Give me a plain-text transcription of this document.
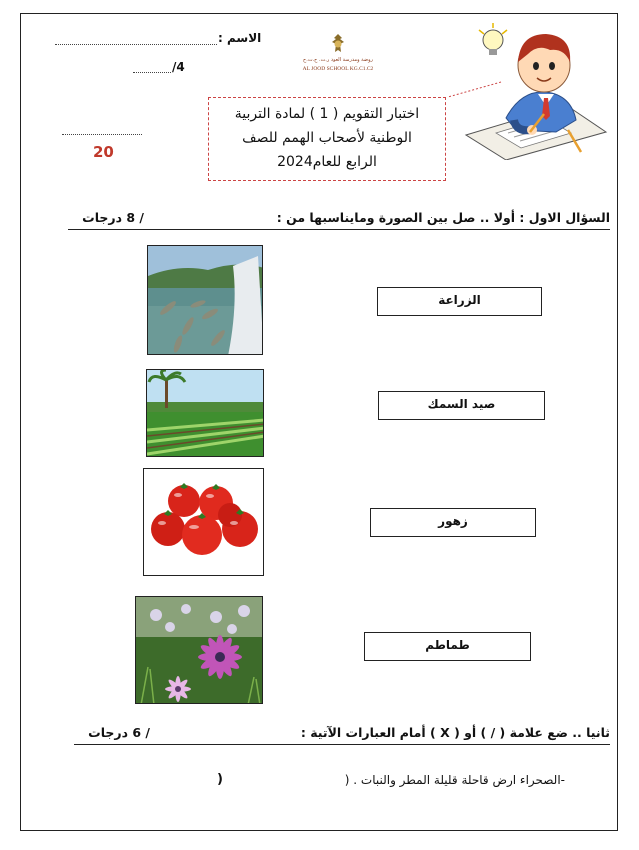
الاسم :
/4
20
روضة ومدرسة العود ر.ت. ح.ت.ح
AL JOOD SCHOOL KG.C1.C2
اختبار التقويم ( 1 ) لمادة التربية
الوطنية لأصحاب الهمم للصف
الرابع للعام2024
السؤال الاول : أولا .. صل بين الصورة ومايناسبها من :
/ 8 درجات
الزراعة
صيد السمك
زهور
طماطم
ثانيا .. ضع علامة ( / ) أو ( X ) أمام العبارات الآتية :
/ 6 درجات
-الصحراء ارض قاحلة قليلة المطر والنبات . (
)
